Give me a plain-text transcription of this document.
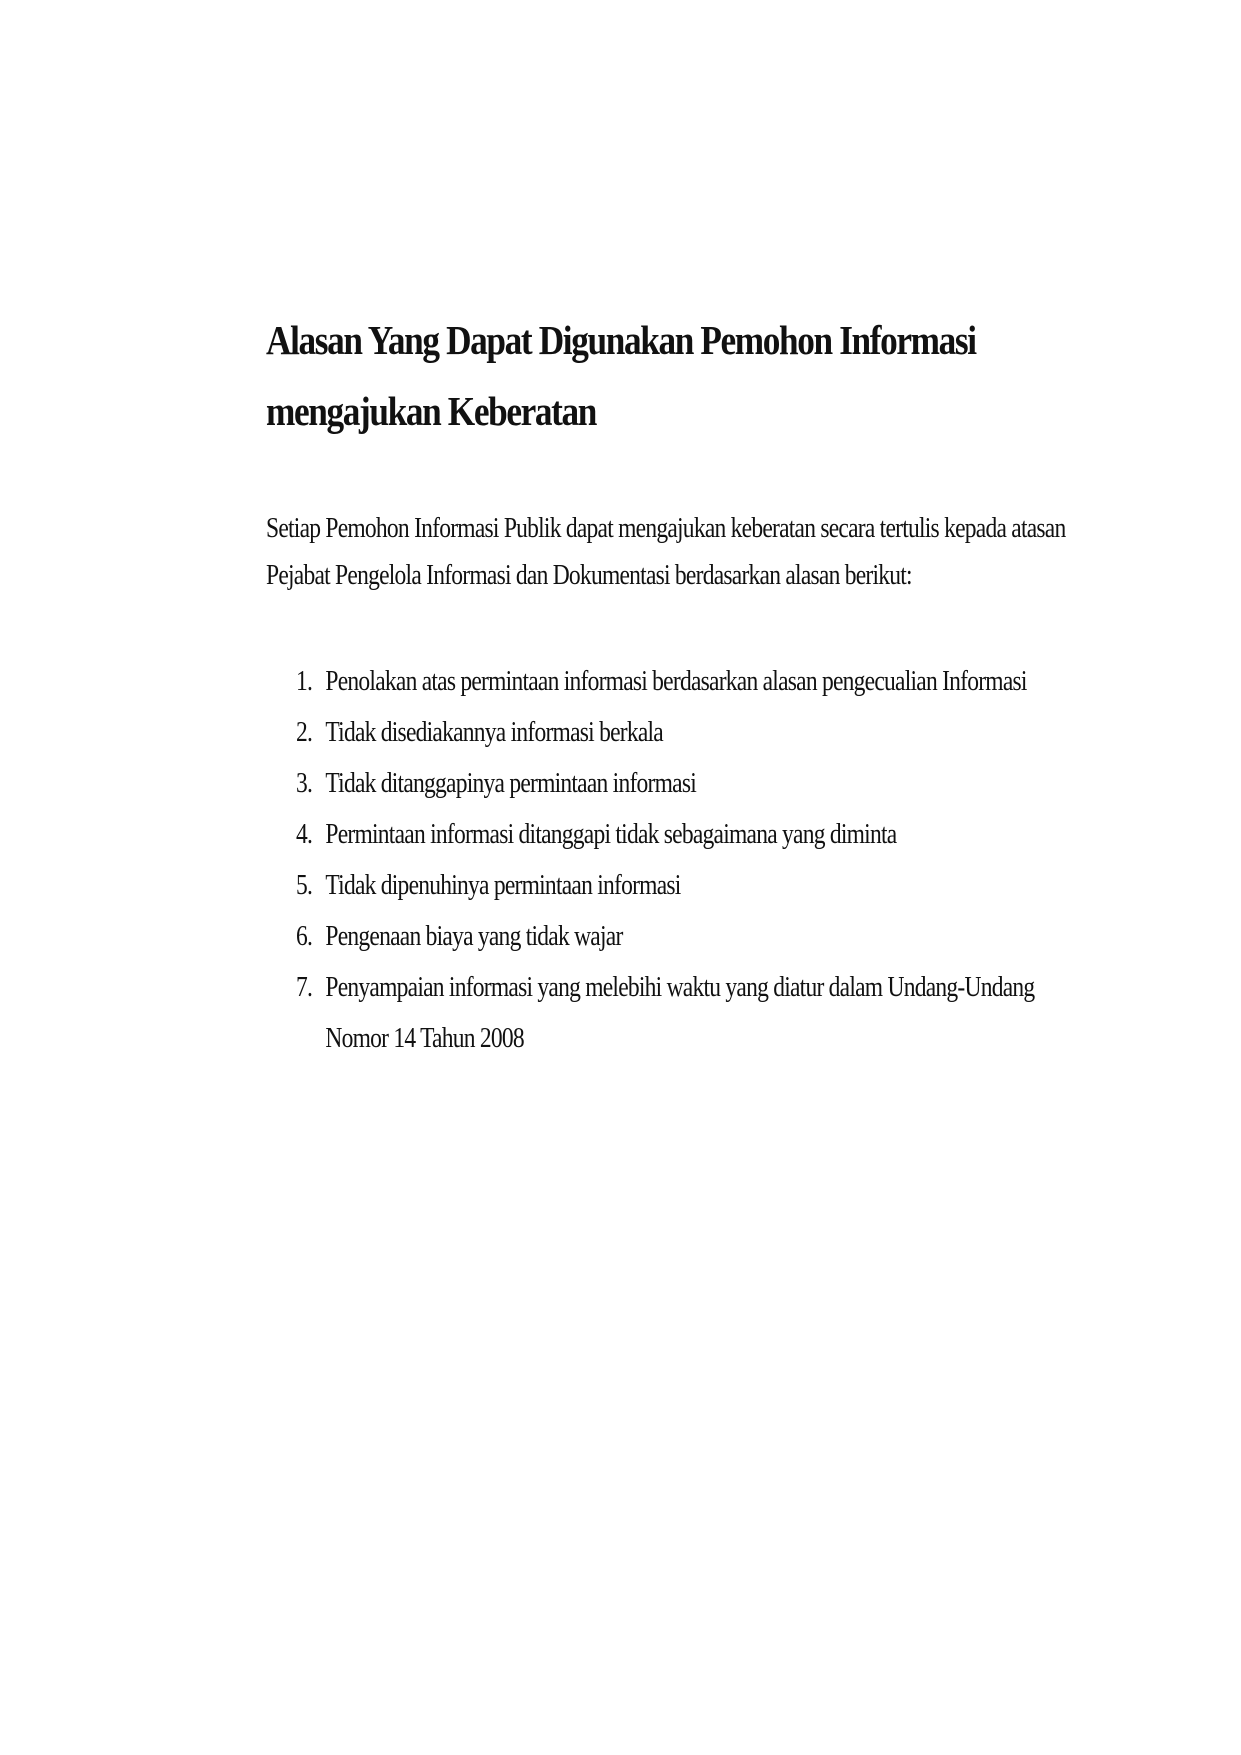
Alasan Yang Dapat Digunakan Pemohon Informasi
mengajukan Keberatan

Setiap Pemohon Informasi Publik dapat mengajukan keberatan secara tertulis kepada atasan
Pejabat Pengelola Informasi dan Dokumentasi berdasarkan alasan berikut:

1. Penolakan atas permintaan informasi berdasarkan alasan pengecualian Informasi
2. Tidak disediakannya informasi berkala
3. Tidak ditanggapinya permintaan informasi
4. Permintaan informasi ditanggapi tidak sebagaimana yang diminta
5. Tidak dipenuhinya permintaan informasi
6. Pengenaan biaya yang tidak wajar
7. Penyampaian informasi yang melebihi waktu yang diatur dalam Undang-Undang
Nomor 14 Tahun 2008
